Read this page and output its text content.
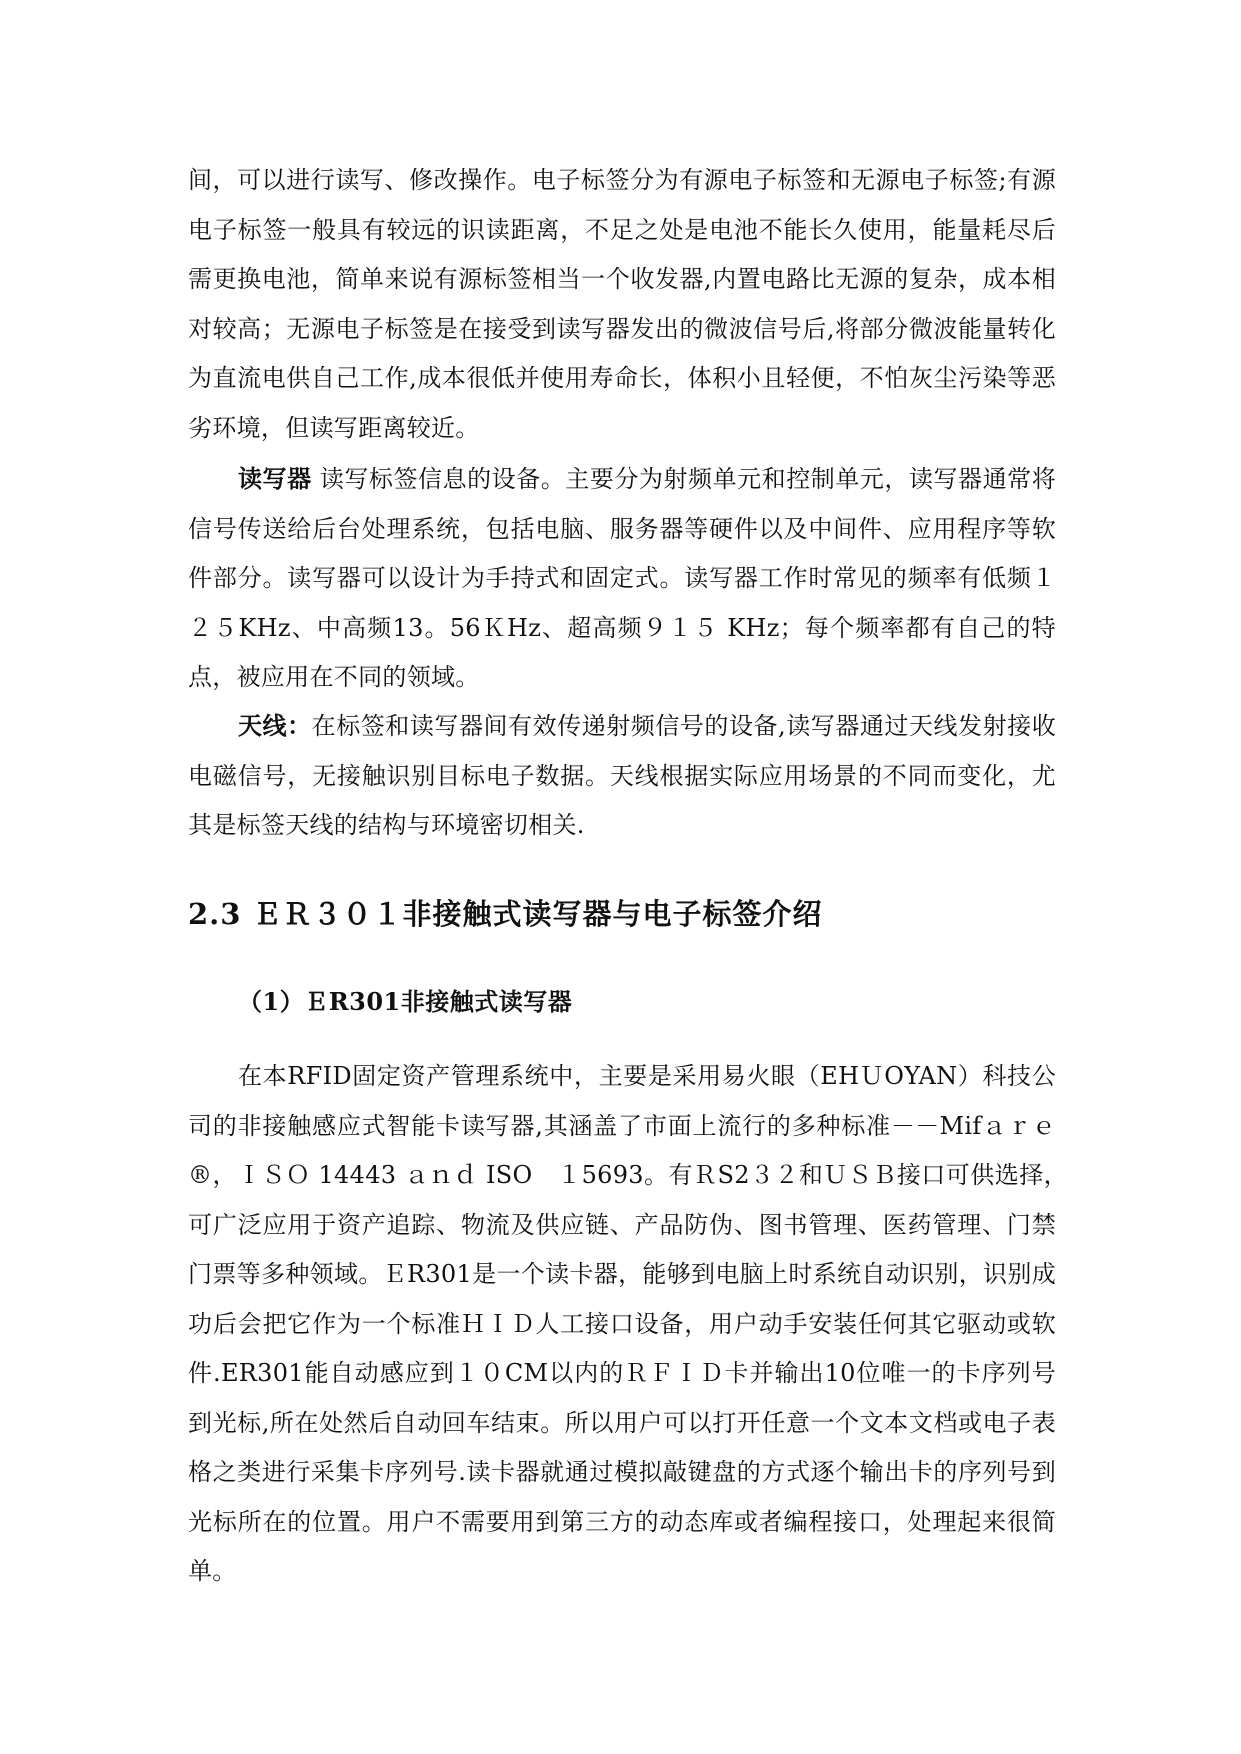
间，可以进行读写、修改操作。电子标签分为有源电子标签和无源电子标签;有源电子标签一般具有较远的识读距离，不足之处是电池不能长久使用，能量耗尽后需更换电池，简单来说有源标签相当一个收发器,内置电路比无源的复杂，成本相对较高；无源电子标签是在接受到读写器发出的微波信号后,将部分微波能量转化为直流电供自己工作,成本很低并使用寿命长，体积小且轻便，不怕灰尘污染等恶劣环境，但读写距离较近。
读写器 读写标签信息的设备。主要分为射频单元和控制单元，读写器通常将信号传送给后台处理系统，包括电脑、服务器等硬件以及中间件、应用程序等软件部分。读写器可以设计为手持式和固定式。读写器工作时常见的频率有低频１２５KHz、中高频13。56ＫHz、超高频９１５ KHz；每个频率都有自己的特点，被应用在不同的领域。
天线：在标签和读写器间有效传递射频信号的设备,读写器通过天线发射接收电磁信号，无接触识别目标电子数据。天线根据实际应用场景的不同而变化，尤其是标签天线的结构与环境密切相关.
2.3 ＥＲ３０１非接触式读写器与电子标签介绍
（1）ＥR301非接触式读写器
在本RFID固定资产管理系统中，主要是采用易火眼（EHＵOYAN）科技公司的非接触感应式智能卡读写器,其涵盖了市面上流行的多种标准－－Mifａｒｅ®，ＩＳＯ 14443 ａｎｄ ISO　１5693。有ＲS2３２和ＵＳＢ接口可供选择，　可广泛应用于资产追踪、物流及供应链、产品防伪、图书管理、医药管理、门禁门票等多种领域。ＥR301是一个读卡器，能够到电脑上时系统自动识别，识别成功后会把它作为一个标准ＨＩＤ人工接口设备，用户动手安装任何其它驱动或软件.ER301能自动感应到１０CM以内的ＲＦＩＤ卡并输出10位唯一的卡序列号到光标,所在处然后自动回车结束。所以用户可以打开任意一个文本文档或电子表格之类进行采集卡序列号.读卡器就通过模拟敲键盘的方式逐个输出卡的序列号到光标所在的位置。用户不需要用到第三方的动态库或者编程接口，处理起来很简单。
